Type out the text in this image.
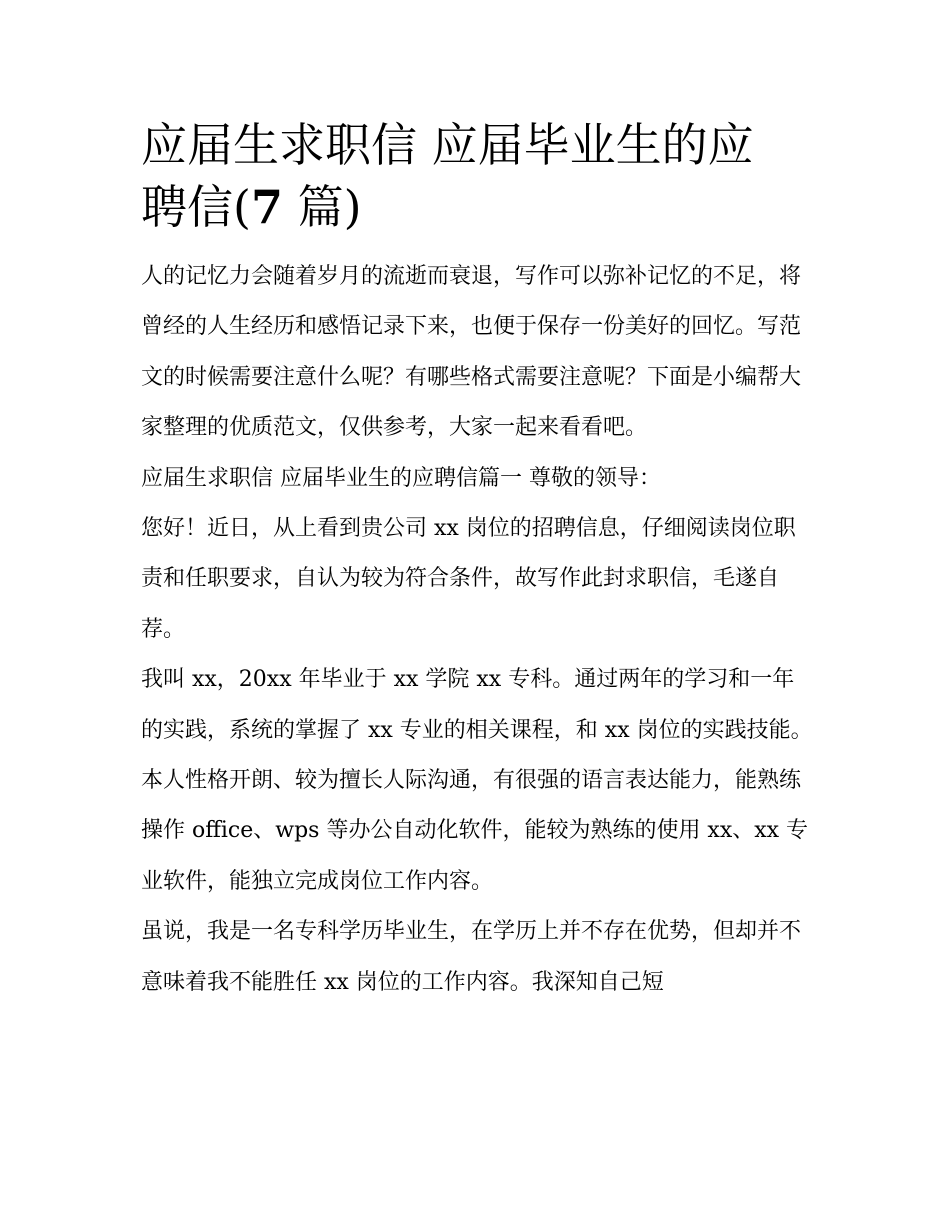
应届生求职信 应届毕业生的应
聘信(7 篇)

人的记忆力会随着岁月的流逝而衰退，写作可以弥补记忆的不足，将曾经的人生经历和感悟记录下来，也便于保存一份美好的回忆。写范文的时候需要注意什么呢？有哪些格式需要注意呢？下面是小编帮大家整理的优质范文，仅供参考，大家一起来看看吧。

应届生求职信 应届毕业生的应聘信篇一 尊敬的领导：

您好！近日，从上看到贵公司 xx 岗位的招聘信息，仔细阅读岗位职责和任职要求，自认为较为符合条件，故写作此封求职信，毛遂自荐。

我叫 xx，20xx 年毕业于 xx 学院 xx 专科。通过两年的学习和一年的实践，系统的掌握了 xx 专业的相关课程，和 xx 岗位的实践技能。本人性格开朗、较为擅长人际沟通，有很强的语言表达能力，能熟练操作 office、wps 等办公自动化软件，能较为熟练的使用 xx、xx 专业软件，能独立完成岗位工作内容。

虽说，我是一名专科学历毕业生，在学历上并不存在优势，但却并不意味着我不能胜任 xx 岗位的工作内容。我深知自己短
